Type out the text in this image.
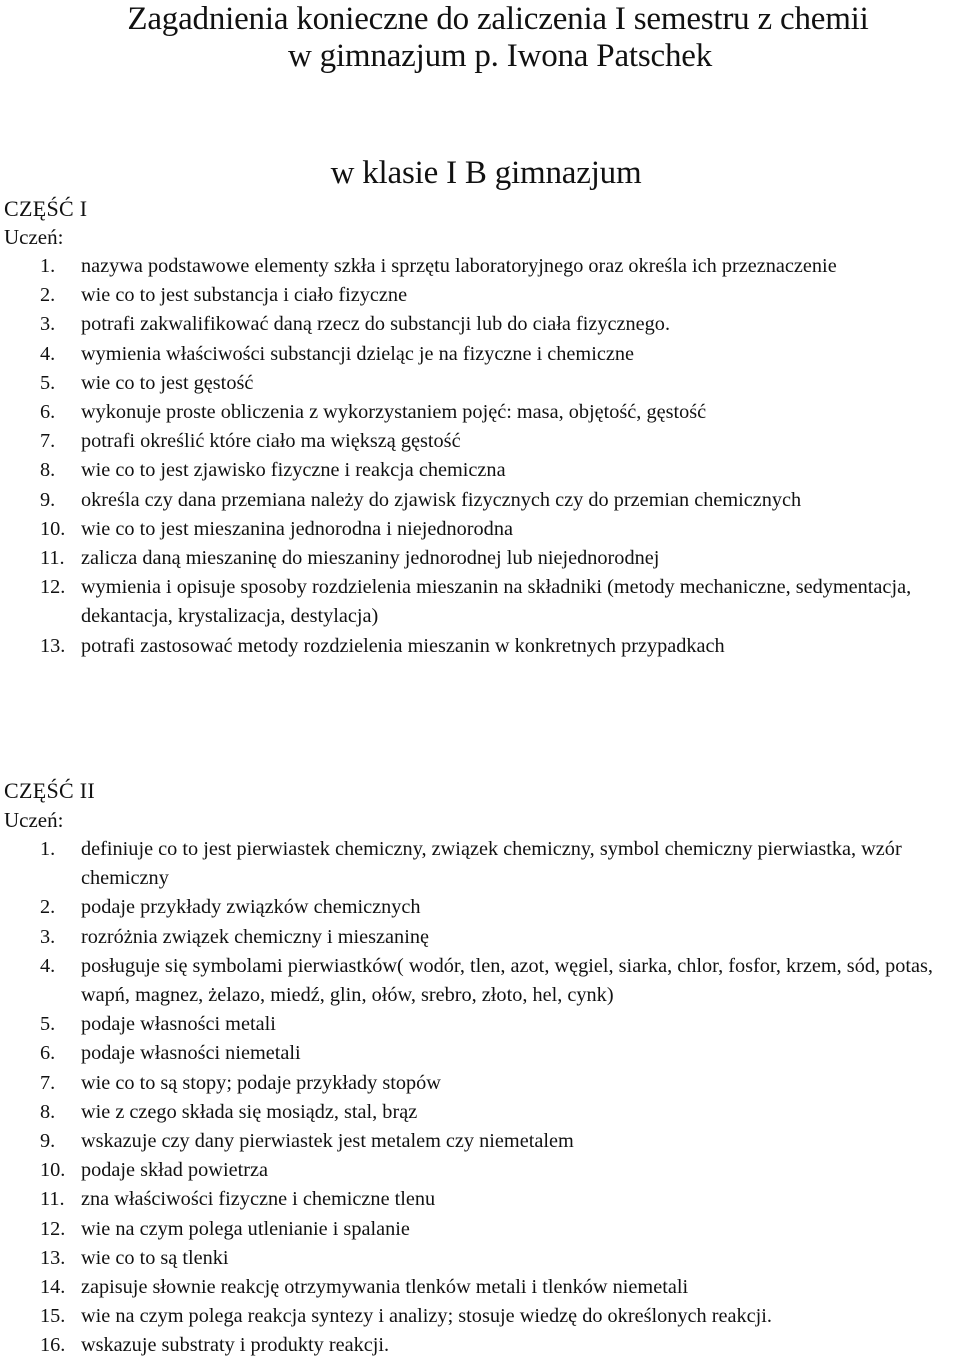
Zagadnienia konieczne do zaliczenia I semestru z chemii
w gimnazjum p. Iwona Patschek
w klasie I B gimnazjum
CZĘŚĆ I
Uczeń:
1.	nazywa podstawowe elementy szkła i sprzętu laboratoryjnego oraz określa ich przeznaczenie
2.	wie co to jest substancja i ciało fizyczne
3.	potrafi zakwalifikować daną rzecz do substancji lub do ciała fizycznego.
4.	wymienia właściwości substancji dzieląc je na fizyczne i chemiczne
5.	wie co to jest gęstość
6.	wykonuje proste obliczenia z wykorzystaniem pojęć: masa, objętość, gęstość
7.	potrafi określić które ciało ma większą gęstość
8.	wie co to jest zjawisko fizyczne i reakcja chemiczna
9.	określa czy dana przemiana należy do zjawisk fizycznych czy do przemian chemicznych
10. wie co to jest mieszanina jednorodna i niejednorodna
11. zalicza daną mieszaninę do mieszaniny jednorodnej lub niejednorodnej
12. wymienia i opisuje sposoby rozdzielenia mieszanin na składniki (metody mechaniczne, sedymentacja, dekantacja, krystalizacja, destylacja)
13. potrafi zastosować metody rozdzielenia mieszanin w konkretnych przypadkach
CZĘŚĆ II
Uczeń:
1.	definiuje co to jest pierwiastek chemiczny, związek chemiczny, symbol chemiczny pierwiastka, wzór chemiczny
2.	podaje przykłady związków chemicznych
3.	rozróżnia związek chemiczny i mieszaninę
4.	posługuje się symbolami pierwiastków( wodór, tlen, azot, węgiel, siarka, chlor, fosfor, krzem, sód, potas, wapń, magnez, żelazo, miedź, glin, ołów, srebro, złoto, hel, cynk)
5.	podaje własności metali
6.	podaje własności niemetali
7.	wie co to są stopy; podaje przykłady stopów
8.	wie z czego składa się mosiądz, stal, brąz
9.	wskazuje czy dany pierwiastek jest metalem czy niemetalem
10. podaje skład powietrza
11. zna właściwości fizyczne i chemiczne tlenu
12. wie na czym polega utlenianie i spalanie
13. wie co to są tlenki
14. zapisuje słownie reakcję otrzymywania tlenków metali i tlenków niemetali
15. wie na czym polega reakcja syntezy i analizy; stosuje wiedzę do określonych reakcji.
16. wskazuje substraty i produkty reakcji.
